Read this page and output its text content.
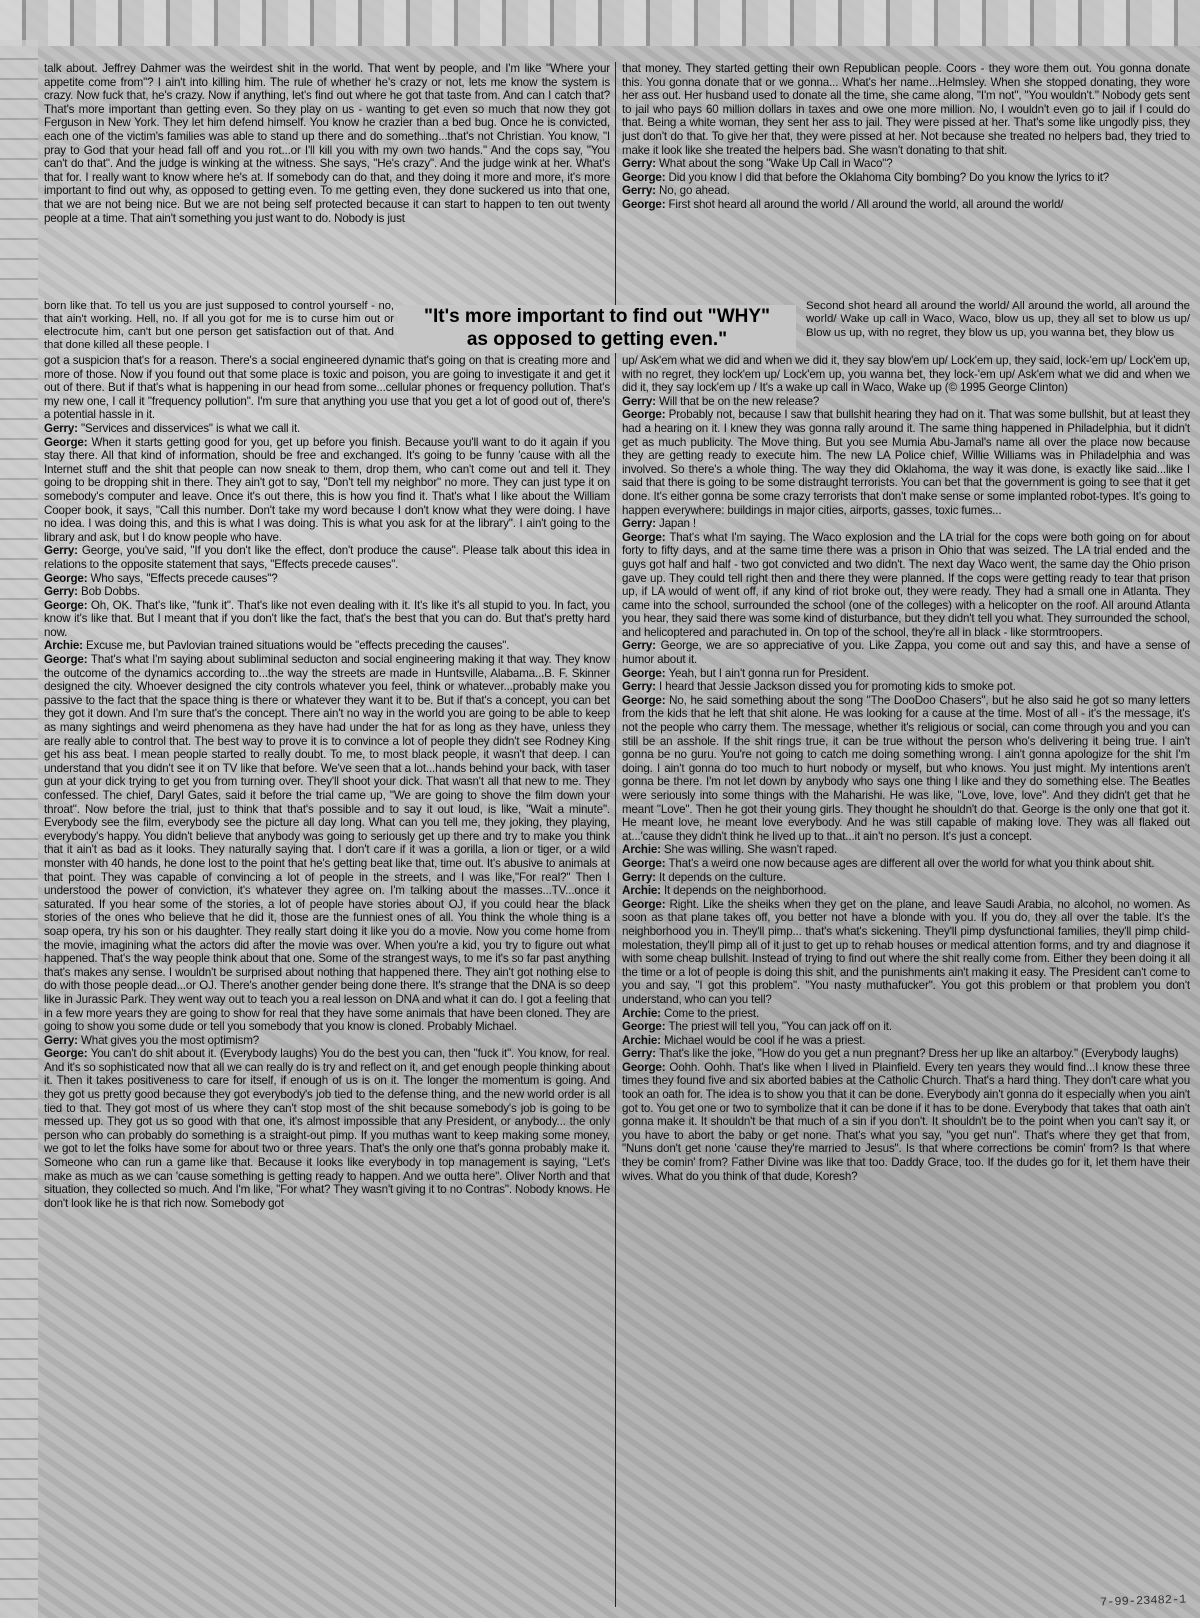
talk about. Jeffrey Dahmer was the weirdest shit in the world. That went by people, and I'm like "Where your appetite come from"? I ain't into killing him. The rule of whether he's crazy or not, lets me know the system is crazy. Now fuck that, he's crazy. Now if anything, let's find out where he got that taste from. And can I catch that? That's more important than getting even. So they play on us - wanting to get even so much that now they got Ferguson in New York. They let him defend himself. You know he crazier than a bed bug. Once he is convicted, each one of the victim's families was able to stand up there and do something...that's not Christian. You know, "I pray to God that your head fall off and you rot...or I'll kill you with my own two hands." And the cops say, "You can't do that". And the judge is winking at the witness. She says, "He's crazy". And the judge wink at her. What's that for. I really want to know where he's at. If somebody can do that, and they doing it more and more, it's more important to find out why, as opposed to getting even. To me getting even, they done suckered us into that one, that we are not being nice. But we are not being self protected because it can start to happen to ten out twenty people at a time. That ain't something you just want to do. Nobody is just

born like that. To tell us you are just supposed to control yourself - no, that ain't working. Hell, no. If all you got for me is to curse him out or electrocute him, can't but one person get satisfaction out of that. And that done killed all these people. I

got a suspicion that's for a reason. There's a social engineered dynamic that's going on that is creating more and more of those. Now if you found out that some place is toxic and poison, you are going to investigate it and get it out of there. But if that's what is happening in our head from some...cellular phones or frequency pollution. That's my new one, I call it "frequency pollution". I'm sure that anything you use that you get a lot of good out of, there's a potential hassle in it.

Gerry: "Services and disservices" is what we call it.

George: When it starts getting good for you, get up before you finish. Because you'll want to do it again if you stay there. All that kind of information, should be free and exchanged. It's going to be funny 'cause with all the Internet stuff and the shit that people can now sneak to them, drop them, who can't come out and tell it. They going to be dropping shit in there. They ain't got to say, "Don't tell my neighbor" no more. They can just type it on somebody's computer and leave. Once it's out there, this is how you find it. That's what I like about the William Cooper book, it says, "Call this number. Don't take my word because I don't know what they were doing. I have no idea. I was doing this, and this is what I was doing. This is what you ask for at the library". I ain't going to the library and ask, but I do know people who have.

Gerry: George, you've said, "If you don't like the effect, don't produce the cause". Please talk about this idea in relations to the opposite statement that says, "Effects precede causes".

George: Who says, "Effects precede causes"?

Gerry: Bob Dobbs.

George: Oh, OK. That's like, "funk it". That's like not even dealing with it. It's like it's all stupid to you. In fact, you know it's like that. But I meant that if you don't like the fact, that's the best that you can do. But that's pretty hard now.

Archie: Excuse me, but Pavlovian trained situations would be "effects preceding the causes".

George: That's what I'm saying about subliminal seducton and social engineering making it that way. They know the outcome of the dynamics according to...the way the streets are made in Huntsville, Alabama...B. F. Skinner designed the city. Whoever designed the city controls whatever you feel, think or whatever...probably make you passive to the fact that the space thing is there or whatever they want it to be. But if that's a concept, you can bet they got it down. And I'm sure that's the concept. There ain't no way in the world you are going to be able to keep as many sightings and weird phenomena as they have had under the hat for as long as they have, unless they are really able to control that. The best way to prove it is to convince a lot of people they didn't see Rodney King get his ass beat. I mean people started to really doubt. To me, to most black people, it wasn't that deep. I can understand that you didn't see it on TV like that before. We've seen that a lot...hands behind your back, with taser gun at your dick trying to get you from turning over. They'll shoot your dick. That wasn't all that new to me. They confessed. The chief, Daryl Gates, said it before the trial came up, "We are going to shove the film down your throat". Now before the trial, just to think that that's possible and to say it out loud, is like, "Wait a minute". Everybody see the film, everybody see the picture all day long. What can you tell me, they joking, they playing, everybody's happy. You didn't believe that anybody was going to seriously get up there and try to make you think that it ain't as bad as it looks. They naturally saying that. I don't care if it was a gorilla, a lion or tiger, or a wild monster with 40 hands, he done lost to the point that he's getting beat like that, time out. It's abusive to animals at that point. They was capable of convincing a lot of people in the streets, and I was like,"For real?" Then I understood the power of conviction, it's whatever they agree on. I'm talking about the masses...TV...once it saturated. If you hear some of the stories, a lot of people have stories about OJ, if you could hear the black stories of the ones who believe that he did it, those are the funniest ones of all. You think the whole thing is a soap opera, try his son or his daughter. They really start doing it like you do a movie. Now you come home from the movie, imagining what the actors did after the movie was over. When you're a kid, you try to figure out what happened. That's the way people think about that one. Some of the strangest ways, to me it's so far past anything that's makes any sense. I wouldn't be surprised about nothing that happened there. They ain't got nothing else to do with those people dead...or OJ. There's another gender being done there. It's strange that the DNA is so deep like in Jurassic Park. They went way out to teach you a real lesson on DNA and what it can do. I got a feeling that in a few more years they are going to show for real that they have some animals that have been cloned. They are going to show you some dude or tell you somebody that you know is cloned. Probably Michael.

Gerry: What gives you the most optimism?

George: You can't do shit about it. (Everybody laughs) You do the best you can, then "fuck it". You know, for real. And it's so sophisticated now that all we can really do is try and reflect on it, and get enough people thinking about it. Then it takes positiveness to care for itself, if enough of us is on it. The longer the momentum is going. And they got us pretty good because they got everybody's job tied to the defense thing, and the new world order is all tied to that. They got most of us where they can't stop most of the shit because somebody's job is going to be messed up. They got us so good with that one, it's almost impossible that any President, or anybody... the only person who can probably do something is a straight-out pimp. If you muthas want to keep making some money, we got to let the folks have some for about two or three years. That's the only one that's gonna probably make it. Someone who can run a game like that. Because it looks like everybody in top management is saying, "Let's make as much as we can 'cause something is getting ready to happen. And we outta here". Oliver North and that situation, they collected so much. And I'm like, "For what? They wasn't giving it to no Contras". Nobody knows. He don't look like he is that rich now. Somebody got

"It's more important to find out "WHY"
as opposed to getting even."

that money. They started getting their own Republican people. Coors - they wore them out. You gonna donate this. You gonna donate that or we gonna... What's her name...Helmsley. When she stopped donating, they wore her ass out. Her husband used to donate all the time, she came along, "I'm not", "You wouldn't." Nobody gets sent to jail who pays 60 million dollars in taxes and owe one more million. No, I wouldn't even go to jail if I could do that. Being a white woman, they sent her ass to jail. They were pissed at her. That's some like ungodly piss, they just don't do that. To give her that, they were pissed at her. Not because she treated no helpers bad, they tried to make it look like she treated the helpers bad. She wasn't donating to that shit.

Gerry: What about the song "Wake Up Call in Waco"?

George: Did you know I did that before the Oklahoma City bombing? Do you know the lyrics to it?

Gerry: No, go ahead.

George: First shot heard all around the world / All around the world, all around the world/

Second shot heard all around the world/ All around the world, all around the world/ Wake up call in Waco, Waco, blow us up, they all set to blow us up/ Blow us up, with no regret, they blow us up, you wanna bet, they blow us

up/ Ask'em what we did and when we did it, they say blow'em up/ Lock'em up, they said, lock-'em up/ Lock'em up, with no regret, they lock'em up/ Lock'em up, you wanna bet, they lock-'em up/ Ask'em what we did and when we did it, they say lock'em up / It's a wake up call in Waco, Wake up (© 1995 George Clinton)

Gerry: Will that be on the new release?

George: Probably not, because I saw that bullshit hearing they had on it. That was some bullshit, but at least they had a hearing on it. I knew they was gonna rally around it. The same thing happened in Philadelphia, but it didn't get as much publicity. The Move thing. But you see Mumia Abu-Jamal's name all over the place now because they are getting ready to execute him. The new LA Police chief, Willie Williams was in Philadelphia and was involved. So there's a whole thing. The way they did Oklahoma, the way it was done, is exactly like said...like I said that there is going to be some distraught terrorists. You can bet that the government is going to see that it get done. It's either gonna be some crazy terrorists that don't make sense or some implanted robot-types. It's going to happen everywhere: buildings in major cities, airports, gasses, toxic fumes...

Gerry: Japan !

George: That's what I'm saying. The Waco explosion and the LA trial for the cops were both going on for about forty to fifty days, and at the same time there was a prison in Ohio that was seized. The LA trial ended and the guys got half and half - two got convicted and two didn't. The next day Waco went, the same day the Ohio prison gave up. They could tell right then and there they were planned. If the cops were getting ready to tear that prison up, if LA would of went off, if any kind of riot broke out, they were ready. They had a small one in Atlanta. They came into the school, surrounded the school (one of the colleges) with a helicopter on the roof. All around Atlanta you hear, they said there was some kind of disturbance, but they didn't tell you what. They surrounded the school, and helicoptered and parachuted in. On top of the school, they're all in black - like stormtroopers.

Gerry: George, we are so appreciative of you. Like Zappa, you come out and say this, and have a sense of humor about it.

George: Yeah, but I ain't gonna run for President.

Gerry: I heard that Jessie Jackson dissed you for promoting kids to smoke pot.

George: No, he said something about the song "The DooDoo Chasers", but he also said he got so many letters from the kids that he left that shit alone. He was looking for a cause at the time. Most of all - it's the message, it's not the people who carry them. The message, whether it's religious or social, can come through you and you can still be an asshole. If the shit rings true, it can be true without the person who's delivering it being true. I ain't gonna be no guru. You're not going to catch me doing something wrong. I ain't gonna apologize for the shit I'm doing. I ain't gonna do too much to hurt nobody or myself, but who knows. You just might. My intentions aren't gonna be there. I'm not let down by anybody who says one thing I like and they do something else. The Beatles were seriously into some things with the Maharishi. He was like, "Love, love, love". And they didn't get that he meant "Love". Then he got their young girls. They thought he shouldn't do that. George is the only one that got it. He meant love, he meant love everybody. And he was still capable of making love. They was all flaked out at...'cause they didn't think he lived up to that...it ain't no person. It's just a concept.

Archie: She was willing. She wasn't raped.

George: That's a weird one now because ages are different all over the world for what you think about shit.

Gerry: It depends on the culture.

Archie: It depends on the neighborhood.

George: Right. Like the sheiks when they get on the plane, and leave Saudi Arabia, no alcohol, no women. As soon as that plane takes off, you better not have a blonde with you. If you do, they all over the table. It's the neighborhood you in. They'll pimp... that's what's sickening. They'll pimp dysfunctional families, they'll pimp child-molestation, they'll pimp all of it just to get up to rehab houses or medical attention forms, and try and diagnose it with some cheap bullshit. Instead of trying to find out where the shit really come from. Either they been doing it all the time or a lot of people is doing this shit, and the punishments ain't making it easy. The President can't come to you and say, "I got this problem". "You nasty muthafucker". You got this problem or that problem you don't understand, who can you tell?

Archie: Come to the priest.

George: The priest will tell you, "You can jack off on it.

Archie: Michael would be cool if he was a priest.

Gerry: That's like the joke, "How do you get a nun pregnant? Dress her up like an altarboy." (Everybody laughs)

George: Oohh. Oohh. That's like when I lived in Plainfield. Every ten years they would find...I know these three times they found five and six aborted babies at the Catholic Church. That's a hard thing. They don't care what you took an oath for. The idea is to show you that it can be done. Everybody ain't gonna do it especially when you ain't got to. You get one or two to symbolize that it can be done if it has to be done. Everybody that takes that oath ain't gonna make it. It shouldn't be that much of a sin if you don't. It shouldn't be to the point when you can't say it, or you have to abort the baby or get none. That's what you say, "you get nun". That's where they get that from, "Nuns don't get none 'cause they're married to Jesus". Is that where corrections be comin' from? Is that where they be comin' from? Father Divine was like that too. Daddy Grace, too. If the dudes go for it, let them have their wives. What do you think of that dude, Koresh?

7-99-23482-1
